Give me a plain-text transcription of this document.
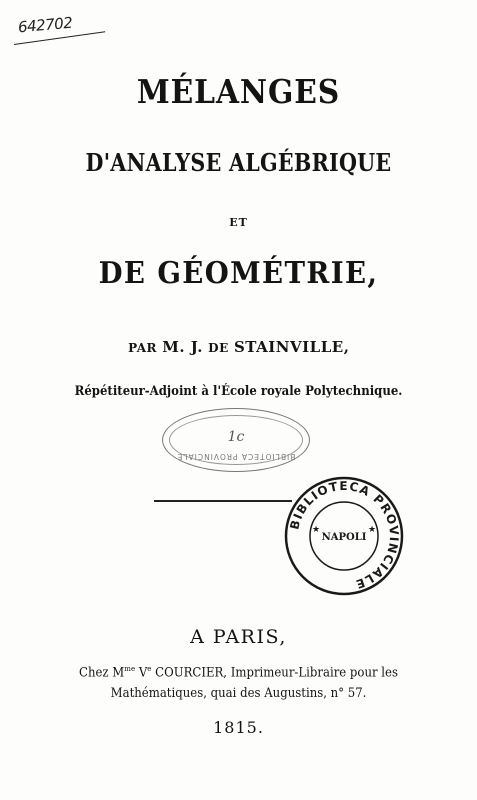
642702
MÉLANGES
D'ANALYSE ALGÉBRIQUE
ET
DE GÉOMÉTRIE,
PAR M. J. DE STAINVILLE,
Répétiteur-Adjoint à l'École royale Polytechnique.
1c
BIBLIOTECA PROVINCIALE
BIBLIOTECA PROVINCIALE
NAPOLI
★	★
A PARIS,
Chez $M^{me}$ Ve COURCIER, Imprimeur-Libraire pour les
Mathématiques, quai des Augustins, n° 57.
1815.
